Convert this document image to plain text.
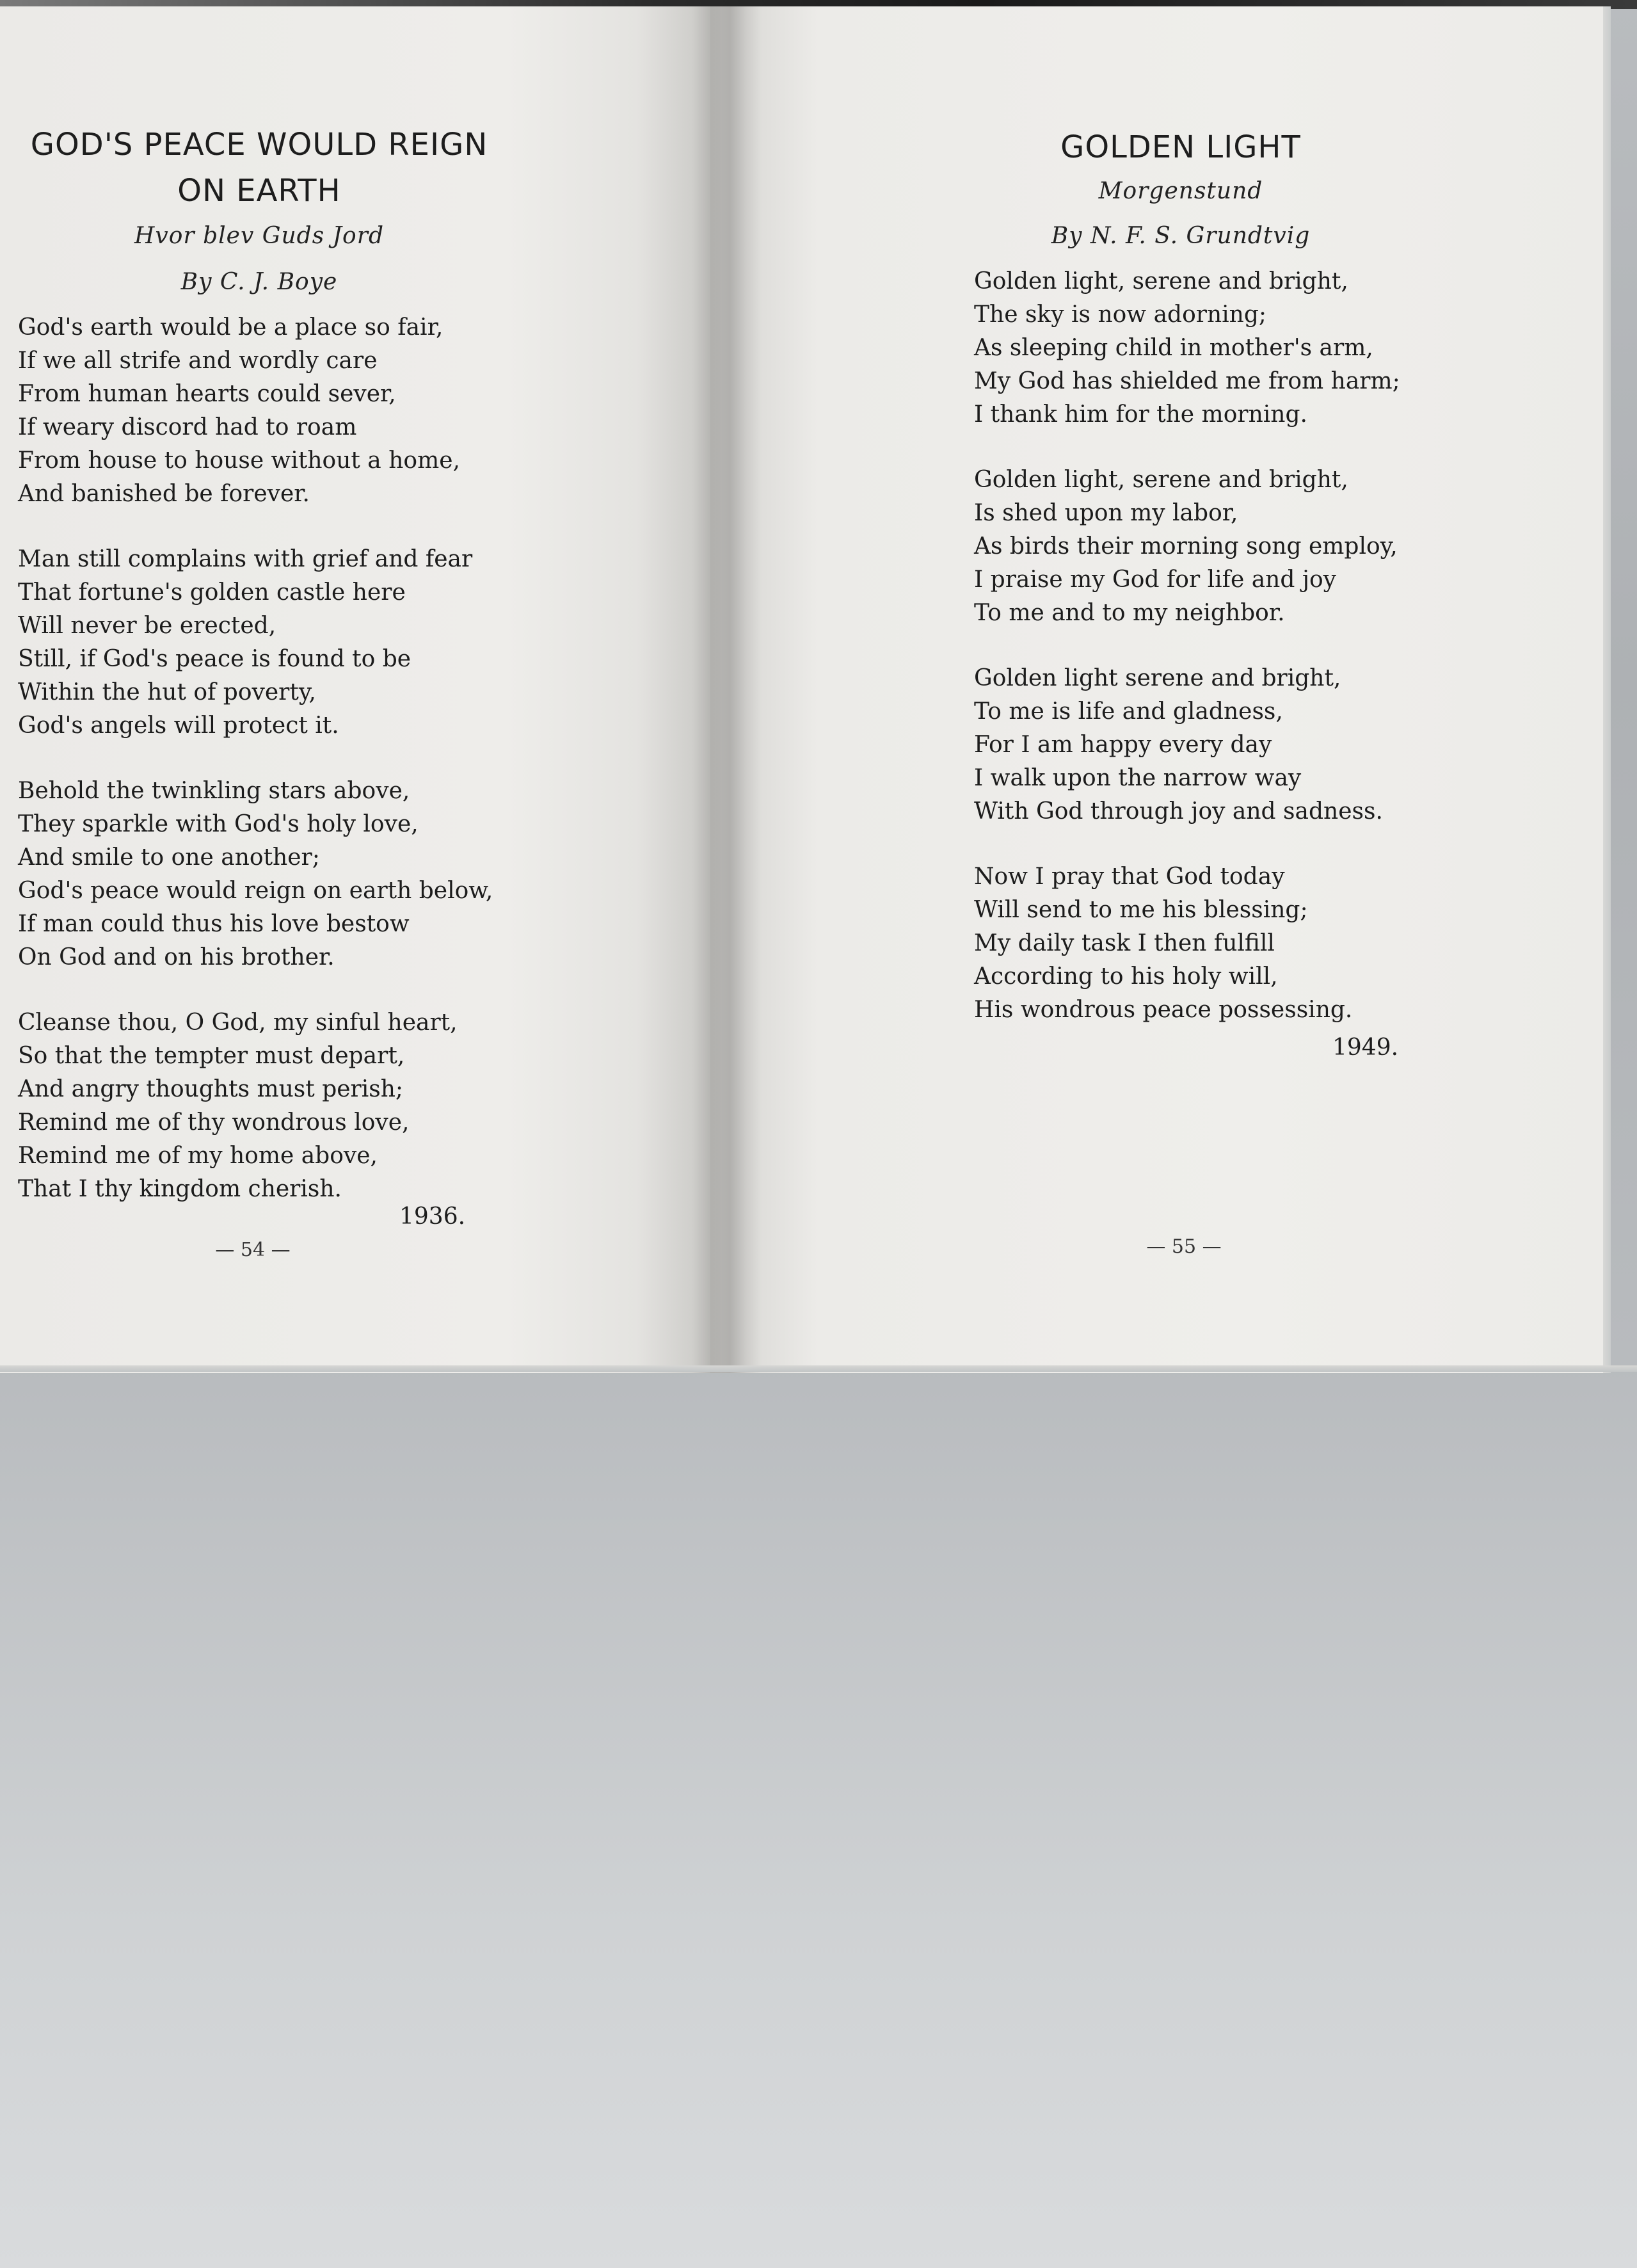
GOD'S PEACE WOULD REIGN
ON EARTH

Hvor blev Guds Jord

By C. J. Boye

God's earth would be a place so fair,
If we all strife and wordly care
From human hearts could sever,
If weary discord had to roam
From house to house without a home,
And banished be forever.
Man still complains with grief and fear
That fortune's golden castle here
Will never be erected,
Still, if God's peace is found to be
Within the hut of poverty,
God's angels will protect it.
Behold the twinkling stars above,
They sparkle with God's holy love,
And smile to one another;
God's peace would reign on earth below,
If man could thus his love bestow
On God and on his brother.
Cleanse thou, O God, my sinful heart,
So that the tempter must depart,
And angry thoughts must perish;
Remind me of thy wondrous love,
Remind me of my home above,
That I thy kingdom cherish.

1936.

— 54 —

GOLDEN LIGHT

Morgenstund

By N. F. S. Grundtvig

Golden light, serene and bright,
The sky is now adorning;
As sleeping child in mother's arm,
My God has shielded me from harm;
I thank him for the morning.
Golden light, serene and bright,
Is shed upon my labor,
As birds their morning song employ,
I praise my God for life and joy
To me and to my neighbor.
Golden light serene and bright,
To me is life and gladness,
For I am happy every day
I walk upon the narrow way
With God through joy and sadness.
Now I pray that God today
Will send to me his blessing;
My daily task I then fulfill
According to his holy will,
His wondrous peace possessing.

1949.

— 55 —
